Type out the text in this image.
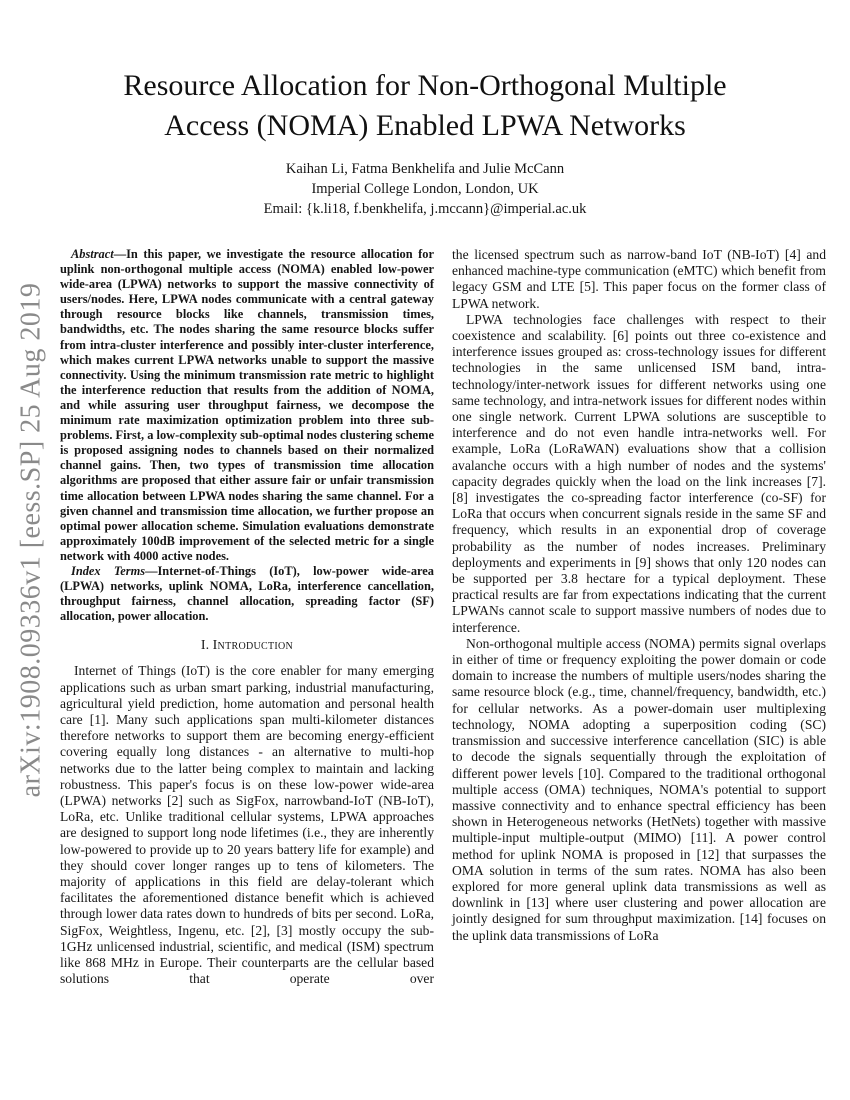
arXiv:1908.09336v1 [eess.SP] 25 Aug 2019
Resource Allocation for Non-Orthogonal Multiple
Access (NOMA) Enabled LPWA Networks
Kaihan Li, Fatma Benkhelifa and Julie McCann
Imperial College London, London, UK
Email: {k.li18, f.benkhelifa, j.mccann}@imperial.ac.uk

Abstract—In this paper, we investigate the resource allocation for uplink non-orthogonal multiple access (NOMA) enabled low-power wide-area (LPWA) networks to support the massive connectivity of users/nodes. Here, LPWA nodes communicate with a central gateway through resource blocks like channels, transmission times, bandwidths, etc. The nodes sharing the same resource blocks suffer from intra-cluster interference and possibly inter-cluster interference, which makes current LPWA networks unable to support the massive connectivity. Using the minimum transmission rate metric to highlight the interference reduction that results from the addition of NOMA, and while assuring user throughput fairness, we decompose the minimum rate maximization optimization problem into three sub-problems. First, a low-complexity sub-optimal nodes clustering scheme is proposed assigning nodes to channels based on their normalized channel gains. Then, two types of transmission time allocation algorithms are proposed that either assure fair or unfair transmission time allocation between LPWA nodes sharing the same channel. For a given channel and transmission time allocation, we further propose an optimal power allocation scheme. Simulation evaluations demonstrate approximately 100dB improvement of the selected metric for a single network with 4000 active nodes.

Index Terms—Internet-of-Things (IoT), low-power wide-area (LPWA) networks, uplink NOMA, LoRa, interference cancellation, throughput fairness, channel allocation, spreading factor (SF) allocation, power allocation.

I. Introduction

Internet of Things (IoT) is the core enabler for many emerging applications such as urban smart parking, industrial manufacturing, agricultural yield prediction, home automation and personal health care [1]. Many such applications span multi-kilometer distances therefore networks to support them are becoming energy-efficient covering equally long distances - an alternative to multi-hop networks due to the latter being complex to maintain and lacking robustness. This paper's focus is on these low-power wide-area (LPWA) networks [2] such as SigFox, narrowband-IoT (NB-IoT), LoRa, etc. Unlike traditional cellular systems, LPWA approaches are designed to support long node lifetimes (i.e., they are inherently low-powered to provide up to 20 years battery life for example) and they should cover longer ranges up to tens of kilometers. The majority of applications in this field are delay-tolerant which facilitates the aforementioned distance benefit which is achieved through lower data rates down to hundreds of bits per second. LoRa, SigFox, Weightless, Ingenu, etc. [2], [3] mostly occupy the sub-1GHz unlicensed industrial, scientific, and medical (ISM) spectrum like 868 MHz in Europe. Their counterparts are the cellular based solutions that operate over

the licensed spectrum such as narrow-band IoT (NB-IoT) [4] and enhanced machine-type communication (eMTC) which benefit from legacy GSM and LTE [5]. This paper focus on the former class of LPWA network.

LPWA technologies face challenges with respect to their coexistence and scalability. [6] points out three co-existence and interference issues grouped as: cross-technology issues for different technologies in the same unlicensed ISM band, intra-technology/inter-network issues for different networks using one same technology, and intra-network issues for different nodes within one single network. Current LPWA solutions are susceptible to interference and do not even handle intra-networks well. For example, LoRa (LoRaWAN) evaluations show that a collision avalanche occurs with a high number of nodes and the systems' capacity degrades quickly when the load on the link increases [7]. [8] investigates the co-spreading factor interference (co-SF) for LoRa that occurs when concurrent signals reside in the same SF and frequency, which results in an exponential drop of coverage probability as the number of nodes increases. Preliminary deployments and experiments in [9] shows that only 120 nodes can be supported per 3.8 hectare for a typical deployment. These practical results are far from expectations indicating that the current LPWANs cannot scale to support massive numbers of nodes due to interference.

Non-orthogonal multiple access (NOMA) permits signal overlaps in either of time or frequency exploiting the power domain or code domain to increase the numbers of multiple users/nodes sharing the same resource block (e.g., time, channel/frequency, bandwidth, etc.) for cellular networks. As a power-domain user multiplexing technology, NOMA adopting a superposition coding (SC) transmission and successive interference cancellation (SIC) is able to decode the signals sequentially through the exploitation of different power levels [10]. Compared to the traditional orthogonal multiple access (OMA) techniques, NOMA's potential to support massive connectivity and to enhance spectral efficiency has been shown in Heterogeneous networks (HetNets) together with massive multiple-input multiple-output (MIMO) [11]. A power control method for uplink NOMA is proposed in [12] that surpasses the OMA solution in terms of the sum rates. NOMA has also been explored for more general uplink data transmissions as well as downlink in [13] where user clustering and power allocation are jointly designed for sum throughput maximization. [14] focuses on the uplink data transmissions of LoRa
